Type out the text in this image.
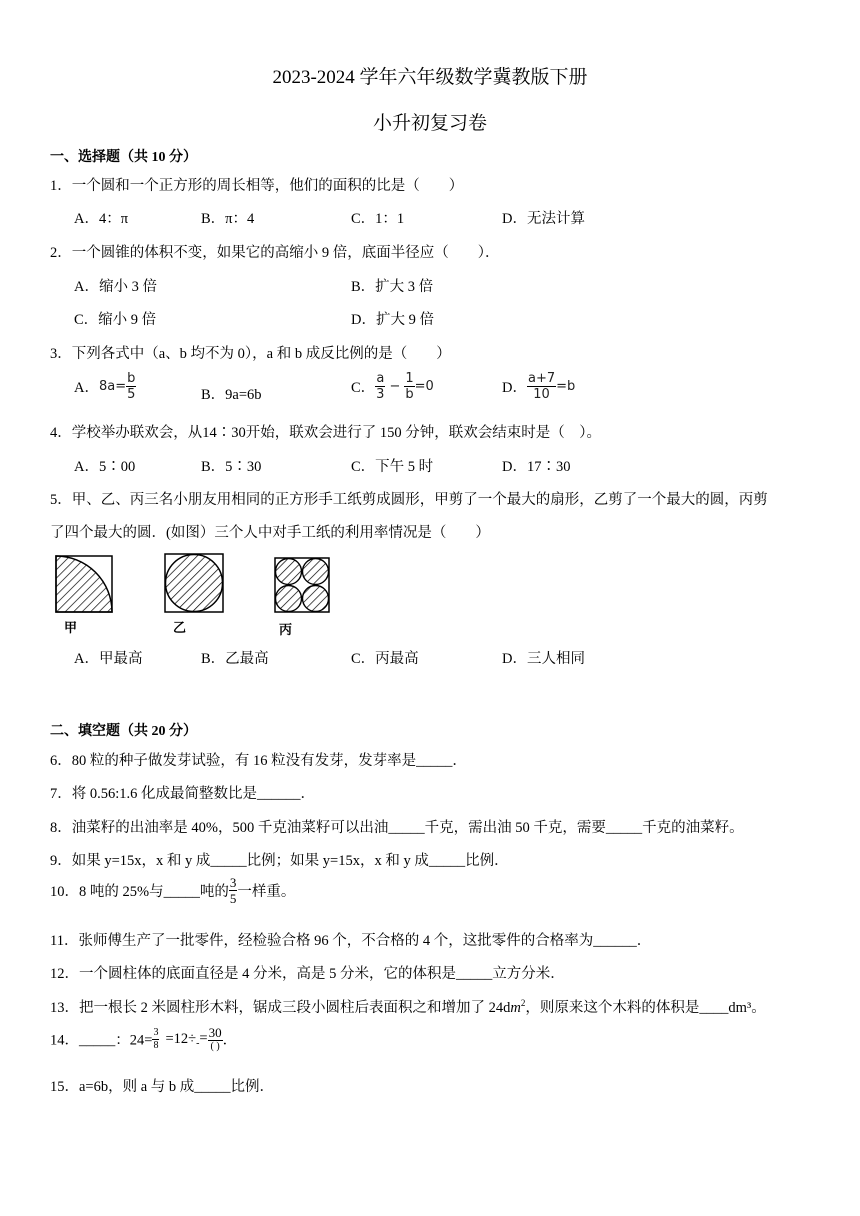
2023-2024 学年六年级数学冀教版下册
小升初复习卷
一、选择题（共 10 分）
1．一个圆和一个正方形的周长相等，他们的面积的比是（　　）
A．4：π	B．π：4	C．1：1	D．无法计算
2．一个圆锥的体积不变，如果它的高缩小 9 倍，底面半径应（　　）．
A．缩小 3 倍	B．扩大 3 倍
C．缩小 9 倍	D．扩大 9 倍
3．下列各式中（a、b 均不为 0），a 和 b 成反比例的是（　　）
A．$8a= \frac{b}{5}$	B．9a=6b	C． $\frac{a}{3} - \frac{1}{b} =0$	D． $\frac{a+7}{10} =b$
4．学校举办联欢会，从14∶30开始，联欢会进行了 150 分钟，联欢会结束时是（　）。
A．5∶00	B．5∶30	C．下午 5 时	D．17∶30
5．甲、乙、丙三名小朋友用相同的正方形手工纸剪成圆形，甲剪了一个最大的扇形，乙剪了一个最大的圆，丙剪
了四个最大的圆．(如图）三个人中对手工纸的利用率情况是（　　）
甲	乙	丙
A．甲最高	B．乙最高	C．丙最高	D．三人相同
二、填空题（共 20 分）
6．80 粒的种子做发芽试验，有 16 粒没有发芽，发芽率是_____．
7．将 0.56:1.6 化成最简整数比是______．
8．油菜籽的出油率是 40%，500 千克油菜籽可以出油_____千克，需出油 50 千克，需要_____千克的油菜籽。
9．如果 y=15x，x 和 y 成_____比例；如果 y=15x，x 和 y 成_____比例．
10．8 吨的 25%与_____吨的 $\frac{3}{5}$ 一样重。
11．张师傅生产了一批零件，经检验合格 96 个，不合格的 4 个，这批零件的合格率为______．
12．一个圆柱体的底面直径是 4 分米，高是 5 分米，它的体积是_____立方分米．
13．把一根长 2 米圆柱形木料，锯成三段小圆柱后表面积之和增加了 $24dm^2$，则原来这个木料的体积是____dm³。
14．_____：$24= \frac{3}{8} =12\div_-= \frac{30}{( )}$ ．
15．a=6b，则 a 与 b 成_____比例．
